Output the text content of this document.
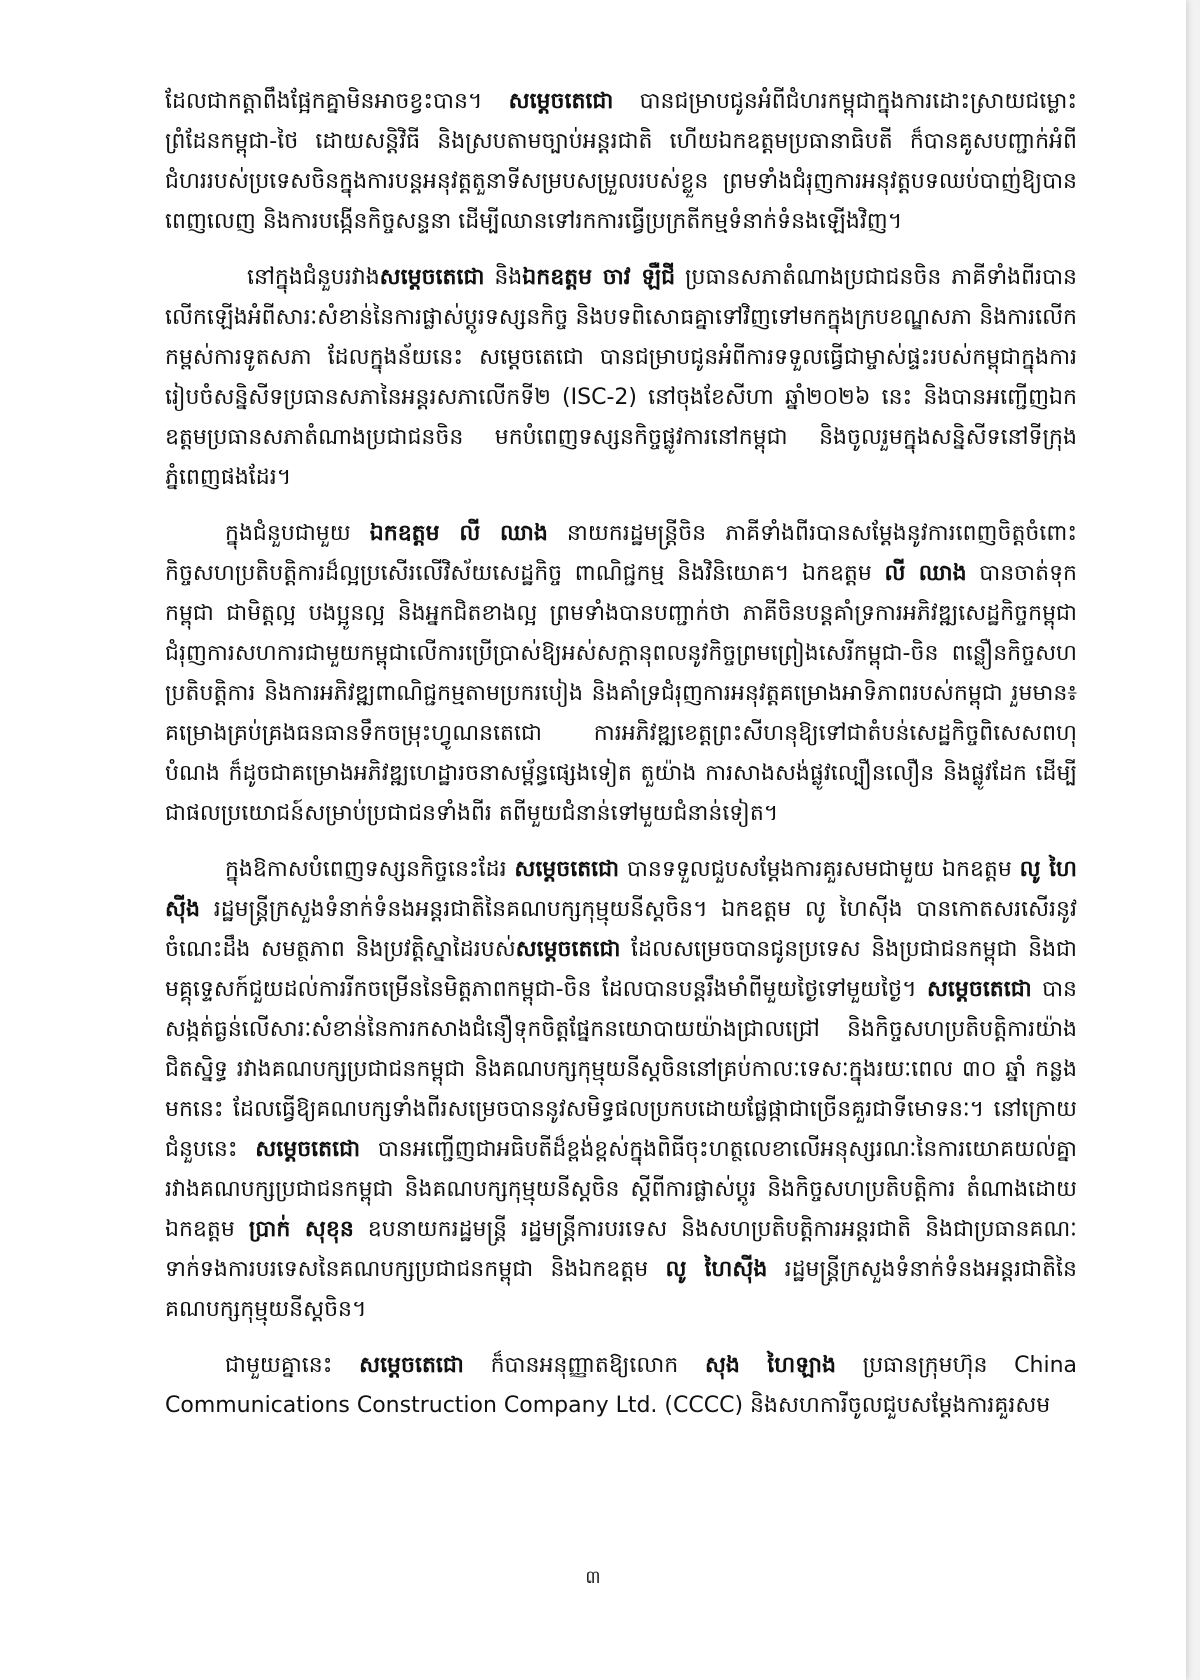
ដែលជាកត្តាពឹងផ្អែកគ្នាមិនអាចខ្វះបាន។ សម្តេចតេជោ បានជម្រាបជូនអំពីជំហរកម្ពុជាក្នុងការដោះស្រាយជម្លោះព្រំដែនកម្ពុជា-ថៃ ដោយសន្តិវិធី និងស្របតាមច្បាប់អន្តរជាតិ ហើយឯកឧត្តមប្រធានាធិបតី ក៏បានគូសបញ្ជាក់អំពីជំហររបស់ប្រទេសចិនក្នុងការបន្តអនុវត្តតួនាទីសម្របសម្រួលរបស់ខ្លួន ព្រមទាំងជំរុញការអនុវត្តបទឈប់បាញ់ឱ្យបានពេញលេញ និងការបង្កើនកិច្ចសន្ទនា ដើម្បីឈានទៅរកការធ្វើប្រក្រតីកម្មទំនាក់ទំនងឡើងវិញ។

នៅក្នុងជំនួបរវាងសម្តេចតេជោ និងឯកឧត្តម ចាវ ឡឺជី ប្រធានសភាតំណាងប្រជាជនចិន ភាគីទាំងពីរបានលើកឡើងអំពីសារៈសំខាន់នៃការផ្លាស់ប្តូរទស្សនកិច្ច និងបទពិសោធគ្នាទៅវិញទៅមកក្នុងក្របខណ្ឌសភា និងការលើកកម្ពស់ការទូតសភា ដែលក្នុងន័យនេះ សម្តេចតេជោ បានជម្រាបជូនអំពីការទទួលធ្វើជាម្ចាស់ផ្ទះរបស់កម្ពុជាក្នុងការរៀបចំសន្និសីទប្រធានសភានៃអន្តរសភាលើកទី២ (ISC-2) នៅចុងខែសីហា ឆ្នាំ២០២៦ នេះ និងបានអញ្ជើញឯកឧត្តមប្រធានសភាតំណាងប្រជាជនចិន មកបំពេញទស្សនកិច្ចផ្លូវការនៅកម្ពុជា និងចូលរួមក្នុងសន្និសីទនៅទីក្រុងភ្នំពេញផងដែរ។

ក្នុងជំនួបជាមួយ ឯកឧត្តម លី ឈាង នាយករដ្ឋមន្ត្រីចិន ភាគីទាំងពីរបានសម្តែងនូវការពេញចិត្តចំពោះកិច្ចសហប្រតិបត្តិការដ៏ល្អប្រសើរលើវិស័យសេដ្ឋកិច្ច ពាណិជ្ជកម្ម និងវិនិយោគ។ ឯកឧត្តម លី ឈាង បានចាត់ទុកកម្ពុជា ជាមិត្តល្អ បងប្អូនល្អ និងអ្នកជិតខាងល្អ ព្រមទាំងបានបញ្ជាក់ថា ភាគីចិនបន្តគាំទ្រការអភិវឌ្ឍសេដ្ឋកិច្ចកម្ពុជា ជំរុញការសហការជាមួយកម្ពុជាលើការប្រើប្រាស់ឱ្យអស់សក្តានុពលនូវកិច្ចព្រមព្រៀងសេរីកម្ពុជា-ចិន ពន្លឿនកិច្ចសហប្រតិបត្តិការ និងការអភិវឌ្ឍពាណិជ្ជកម្មតាមប្រករបៀង និងគាំទ្រជំរុញការអនុវត្តគម្រោងអាទិភាពរបស់កម្ពុជា រួមមាន៖ គម្រោងគ្រប់គ្រងធនធានទឹកចម្រុះហ្វូណនតេជោ ការអភិវឌ្ឍខេត្តព្រះសីហនុឱ្យទៅជាតំបន់សេដ្ឋកិច្ចពិសេសពហុបំណង ក៏ដូចជាគម្រោងអភិវឌ្ឍហេដ្ឋារចនាសម្ព័ន្ធផ្សេងទៀត តួយ៉ាង ការសាងសង់ផ្លូវល្បឿនលឿន និងផ្លូវដែក ដើម្បីជាផលប្រយោជន៍សម្រាប់ប្រជាជនទាំងពីរ តពីមួយជំនាន់ទៅមួយជំនាន់ទៀត។

ក្នុងឱកាសបំពេញទស្សនកិច្ចនេះដែរ សម្តេចតេជោ បានទទួលជួបសម្តែងការគួរសមជាមួយ ឯកឧត្តម លូ ហៃស៊ីង រដ្ឋមន្ត្រីក្រសួងទំនាក់ទំនងអន្តរជាតិនៃគណបក្សកុម្មុយនីស្តចិន។ ឯកឧត្តម លូ ហៃស៊ីង បានកោតសរសើរនូវចំណេះដឹង សមត្ថភាព និងប្រវត្តិស្នាដៃរបស់សម្តេចតេជោ ដែលសម្រេចបានជូនប្រទេស និងប្រជាជនកម្ពុជា និងជាមគ្គុទ្ទេសក៍ជួយដល់ការរីកចម្រើននៃមិត្តភាពកម្ពុជា-ចិន ដែលបានបន្តរឹងមាំពីមួយថ្ងៃទៅមួយថ្ងៃ។ សម្តេចតេជោ បានសង្កត់ធ្ងន់លើសារៈសំខាន់នៃការកសាងជំនឿទុកចិត្តផ្នែកនយោបាយយ៉ាងជ្រាលជ្រៅ និងកិច្ចសហប្រតិបត្តិការយ៉ាងជិតស្និទ្ធ រវាងគណបក្សប្រជាជនកម្ពុជា និងគណបក្សកុម្មុយនីស្តចិននៅគ្រប់កាលៈទេសៈក្នុងរយៈពេល ៣០ ឆ្នាំ កន្លងមកនេះ ដែលធ្វើឱ្យគណបក្សទាំងពីរសម្រេចបាននូវសមិទ្ធផលប្រកបដោយផ្លែផ្កាជាច្រើនគួរជាទីមោទនៈ។ នៅក្រោយជំនួបនេះ សម្តេចតេជោ បានអញ្ជើញជាអធិបតីដ៏ខ្ពង់ខ្ពស់ក្នុងពិធីចុះហត្ថលេខាលើអនុស្សរណៈនៃការយោគយល់គ្នារវាងគណបក្សប្រជាជនកម្ពុជា និងគណបក្សកុម្មុយនីស្តចិន ស្តីពីការផ្លាស់ប្តូរ និងកិច្ចសហប្រតិបត្តិការ តំណាងដោយឯកឧត្តម ប្រាក់ សុខុន ឧបនាយករដ្ឋមន្ត្រី រដ្ឋមន្ត្រីការបរទេស និងសហប្រតិបត្តិការអន្តរជាតិ និងជាប្រធានគណៈទាក់ទងការបរទេសនៃគណបក្សប្រជាជនកម្ពុជា និងឯកឧត្តម លូ ហៃស៊ីង រដ្ឋមន្ត្រីក្រសួងទំនាក់ទំនងអន្តរជាតិនៃគណបក្សកុម្មុយនីស្តចិន។

ជាមួយគ្នានេះ សម្តេចតេជោ ក៏បានអនុញ្ញាតឱ្យលោក សុង ហៃឡាង ប្រធានក្រុមហ៊ុន China Communications Construction Company Ltd. (CCCC) និងសហការីចូលជួបសម្តែងការគួរសម

៣
